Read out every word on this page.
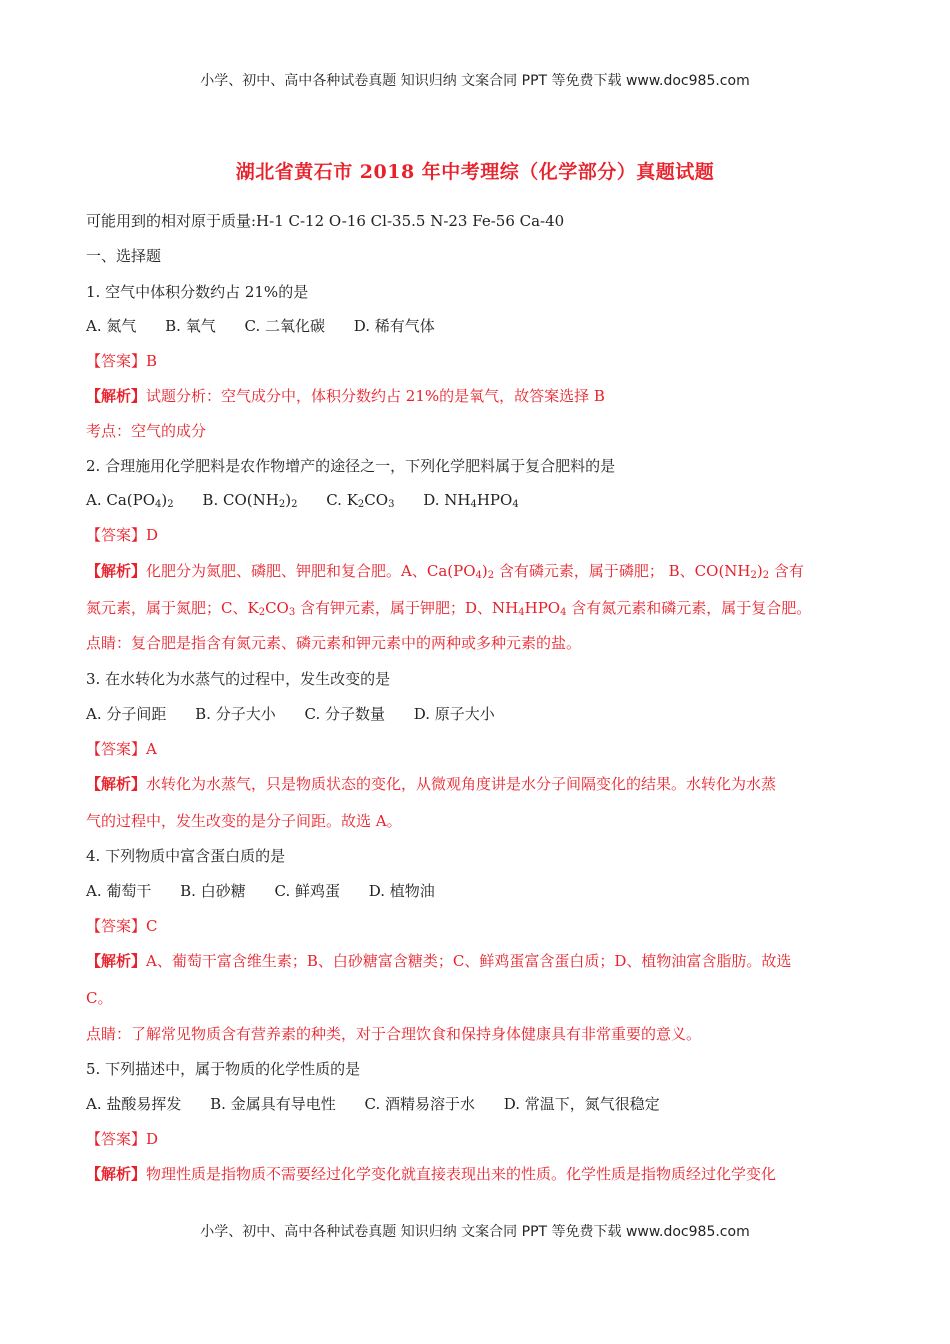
小学、初中、高中各种试卷真题 知识归纳 文案合同 PPT 等免费下载 www.doc985.com
湖北省黄石市 2018 年中考理综（化学部分）真题试题
可能用到的相对原于质量:H-1 C-12 O-16 Cl-35.5 N-23 Fe-56 Ca-40
一、选择题
1. 空气中体积分数约占 21%的是
A. 氮气 B. 氧气 C. 二氧化碳 D. 稀有气体
【答案】B
【解析】试题分析：空气成分中，体积分数约占 21%的是氧气，故答案选择 B
考点：空气的成分
2. 合理施用化学肥料是农作物增产的途径之一，下列化学肥料属于复合肥料的是
A. $Ca(PO_4)_2$ B. $CO(NH_2)_2$ C. $K_2CO_3$ D. $NH_4HPO_4$
【答案】D
【解析】化肥分为氮肥、磷肥、钾肥和复合肥。A、$Ca(PO_4)_2$ 含有磷元素，属于磷肥； B、$CO(NH_2)_2$ 含有
氮元素，属于氮肥；C、$K_2CO_3$ 含有钾元素，属于钾肥；D、$NH_4HPO_4$ 含有氮元素和磷元素，属于复合肥。
点睛：复合肥是指含有氮元素、磷元素和钾元素中的两种或多种元素的盐。
3. 在水转化为水蒸气的过程中，发生改变的是
A. 分子间距 B. 分子大小 C. 分子数量 D. 原子大小
【答案】A
【解析】水转化为水蒸气，只是物质状态的变化，从微观角度讲是水分子间隔变化的结果。水转化为水蒸
气的过程中，发生改变的是分子间距。故选 A。
4. 下列物质中富含蛋白质的是
A. 葡萄干 B. 白砂糖 C. 鲜鸡蛋 D. 植物油
【答案】C
【解析】A、葡萄干富含维生素；B、白砂糖富含糖类；C、鲜鸡蛋富含蛋白质；D、植物油富含脂肪。故选
C。
点睛：了解常见物质含有营养素的种类，对于合理饮食和保持身体健康具有非常重要的意义。
5. 下列描述中，属于物质的化学性质的是
A. 盐酸易挥发 B. 金属具有导电性 C. 酒精易溶于水 D. 常温下，氮气很稳定
【答案】D
【解析】物理性质是指物质不需要经过化学变化就直接表现出来的性质。化学性质是指物质经过化学变化
小学、初中、高中各种试卷真题 知识归纳 文案合同 PPT 等免费下载 www.doc985.com
